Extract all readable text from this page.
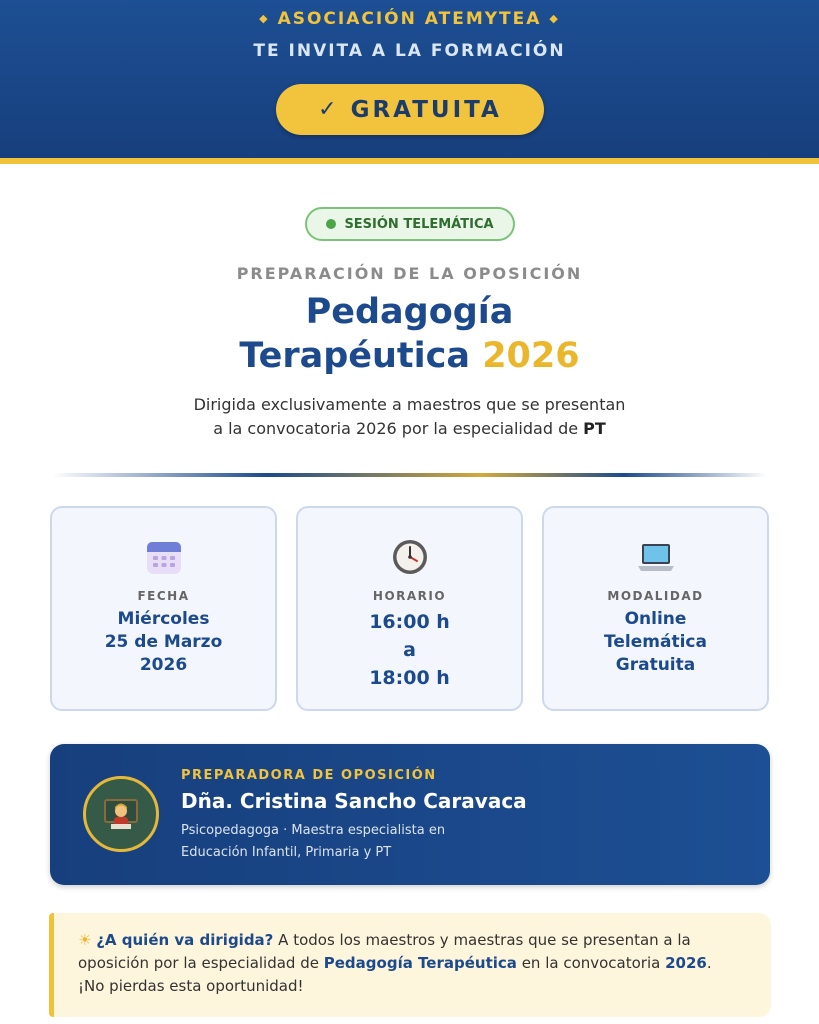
◆ ASOCIACIÓN ATEMYTEA ◆
TE INVITA A LA FORMACIÓN
✓ GRATUITA
SESIÓN TELEMÁTICA
PREPARACIÓN DE LA OPOSICIÓN
Pedagogía
Terapéutica 2026
Dirigida exclusivamente a maestros que se presentan
a la convocatoria 2026 por la especialidad de PT
FECHA
Miércoles
25 de Marzo
2026
HORARIO
16:00 h
a
18:00 h
MODALIDAD
Online
Telemática
Gratuita
PREPARADORA DE OPOSICIÓN
Dña. Cristina Sancho Caravaca
Psicopedagoga · Maestra especialista en
Educación Infantil, Primaria y PT
☀ ¿A quién va dirigida? A todos los maestros y maestras que se presentan a la oposición por la especialidad de Pedagogía Terapéutica en la convocatoria 2026.
¡No pierdas esta oportunidad!
